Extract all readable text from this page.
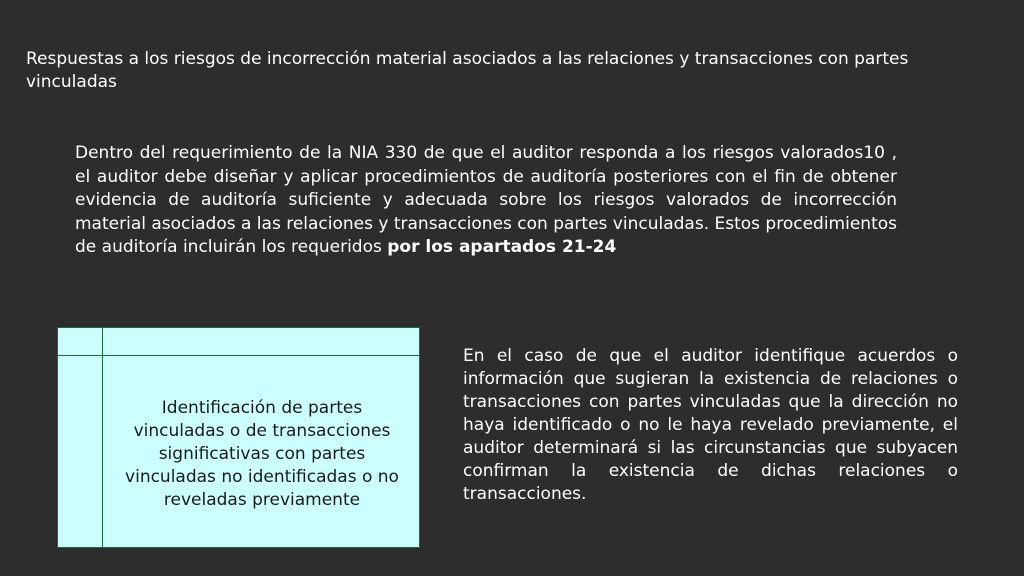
Respuestas a los riesgos de incorrección material asociados a las relaciones y transacciones con partes vinculadas

Dentro del requerimiento de la NIA 330 de que el auditor responda a los riesgos valorados10 , el auditor debe diseñar y aplicar procedimientos de auditoría posteriores con el fin de obtener evidencia de auditoría suficiente y adecuada sobre los riesgos valorados de incorrección material asociados a las relaciones y transacciones con partes vinculadas. Estos procedimientos de auditoría incluirán los requeridos por los apartados 21-24

Identificación de partes vinculadas o de transacciones significativas con partes vinculadas no identificadas o no reveladas previamente

En el caso de que el auditor identifique acuerdos o información que sugieran la existencia de relaciones o transacciones con partes vinculadas que la dirección no haya identificado o no le haya revelado previamente, el auditor determinará si las circunstancias que subyacen confirman la existencia de dichas relaciones o transacciones.
